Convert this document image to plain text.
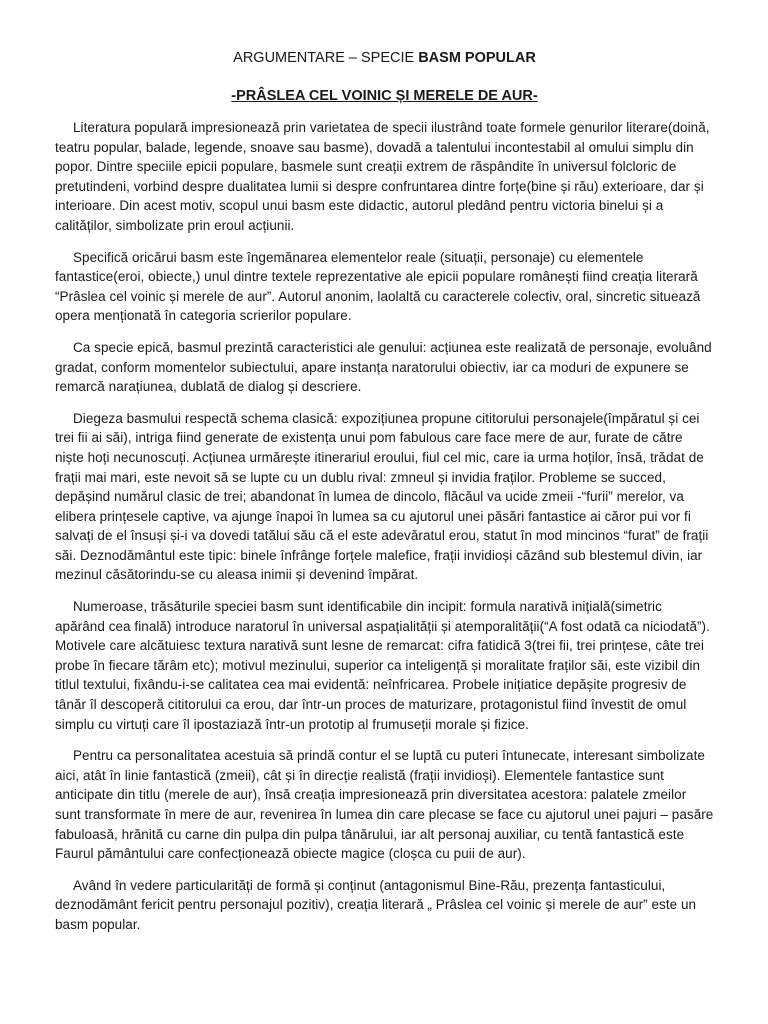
ARGUMENTARE – SPECIE BASM POPULAR
-PRÂSLEA CEL VOINIC ȘI MERELE DE AUR-

Literatura populară impresionează prin varietatea de specii ilustrând toate formele genurilor literare(doină, teatru popular, balade, legende, snoave sau basme), dovadă a talentului incontestabil al omului simplu din popor. Dintre speciile epicii populare, basmele sunt creații extrem de răspândite în universul folcloric de pretutindeni, vorbind despre dualitatea lumii si despre confruntarea dintre forțe(bine și rău) exterioare, dar și interioare. Din acest motiv, scopul unui basm este didactic, autorul pledând pentru victoria binelui și a calităților, simbolizate prin eroul acțiunii.

Specifică oricărui basm este îngemănarea elementelor reale (situații, personaje) cu elementele fantastice(eroi, obiecte,) unul dintre textele reprezentative ale epicii populare românești fiind creația literară “Prâslea cel voinic și merele de aur”. Autorul anonim, laolaltă cu caracterele colectiv, oral, sincretic situează opera menționată în categoria scrierilor populare.

Ca specie epică, basmul prezintă caracteristici ale genului: acțiunea este realizată de personaje, evoluând gradat, conform momentelor subiectului, apare instanța naratorului obiectiv, iar ca moduri de expunere se remarcă narațiunea, dublată de dialog și descriere.

Diegeza basmului respectă schema clasică: expozițiunea propune cititorului personajele(împăratul și cei trei fii ai săi), intriga fiind generate de existența unui pom fabulous care face mere de aur, furate de către niște hoți necunoscuți. Acțiunea urmărește itinerariul eroului, fiul cel mic, care ia urma hoților, însă, trădat de frații mai mari, este nevoit să se lupte cu un dublu rival: zmneul și invidia fraților. Probleme se succed, depășind numărul clasic de trei; abandonat în lumea de dincolo, flăcăul va ucide zmeii -“furii” merelor, va elibera prințesele captive, va ajunge înapoi în lumea sa cu ajutorul unei păsări fantastice ai căror pui vor fi salvați de el însuși și-i va dovedi tatălui său că el este adevăratul erou, statut în mod mincinos “furat” de frații săi. Deznodământul este tipic: binele înfrânge forțele malefice, frații invidioși căzând sub blestemul divin, iar mezinul căsătorindu-se cu aleasa inimii și devenind împărat.

Numeroase, trăsăturile speciei basm sunt identificabile din incipit: formula narativă inițială(simetric apărând cea finală) introduce naratorul în universal aspațialității și atemporalității(“A fost odată ca niciodată”). Motivele care alcătuiesc textura narativă sunt lesne de remarcat: cifra fatidică 3(trei fii, trei prințese, câte trei probe în fiecare tărâm etc); motivul mezinului, superior ca inteligență și moralitate fraților săi, este vizibil din titlul textului, fixându-i-se calitatea cea mai evidentă: neînfricarea. Probele inițiatice depășite progresiv de tânăr îl descoperă cititorului ca erou, dar într-un proces de maturizare, protagonistul fiind învestit de omul simplu cu virtuți care îl ipostaziază într-un prototip al frumuseții morale și fizice.

Pentru ca personalitatea acestuia să prindă contur el se luptă cu puteri întunecate, interesant simbolizate aici, atât în linie fantastică (zmeii), cât și în direcție realistă (frații invidioși). Elementele fantastice sunt anticipate din titlu (merele de aur), însă creația impresionează prin diversitatea acestora: palatele zmeilor sunt transformate în mere de aur, revenirea în lumea din care plecase se face cu ajutorul unei pajuri – pasăre fabuloasă, hrănită cu carne din pulpa din pulpa tânărului, iar alt personaj auxiliar, cu tentă fantastică este Faurul pământului care confecționează obiecte magice (cloșca cu puii de aur).

Având în vedere particularități de formă și conținut (antagonismul Bine-Rău, prezența fantasticului, deznodământ fericit pentru personajul pozitiv), creația literară „ Prâslea cel voinic și merele de aur” este un basm popular.
